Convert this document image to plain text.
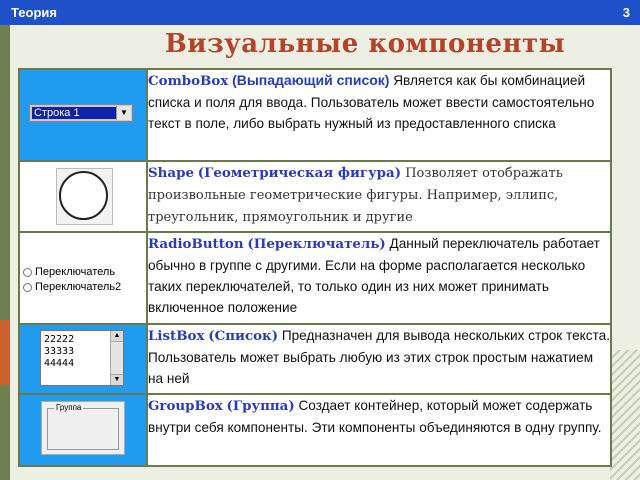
Теория	3
Визуальные компоненты
Строка 1 ▼	ComboBox (Выпадающий список) Является как бы комбинацией списка и поля для ввода. Пользователь может ввести самостоятельно текст в поле, либо выбрать нужный из предоставленного списка

	Shape (Геометрическая фигура) Позволяет отображать произвольные геометрические фигуры. Например, эллипс, треугольник, прямоугольник и другие

Переключатель
Переключатель2	RadioButton (Переключатель) Данный переключатель работает обычно в группе с другими. Если на форме располагается несколько таких переключателей, то только один из них может принимать включенное положение

22222
33333
44444
▲
▼	ListBox (Список) Предназначен для вывода нескольких строк текста. Пользователь может выбрать любую из этих строк простым нажатием на ней

Группа	GroupBox (Группа) Создает контейнер, который может содержать внутри себя компоненты. Эти компоненты объединяются в одну группу.
